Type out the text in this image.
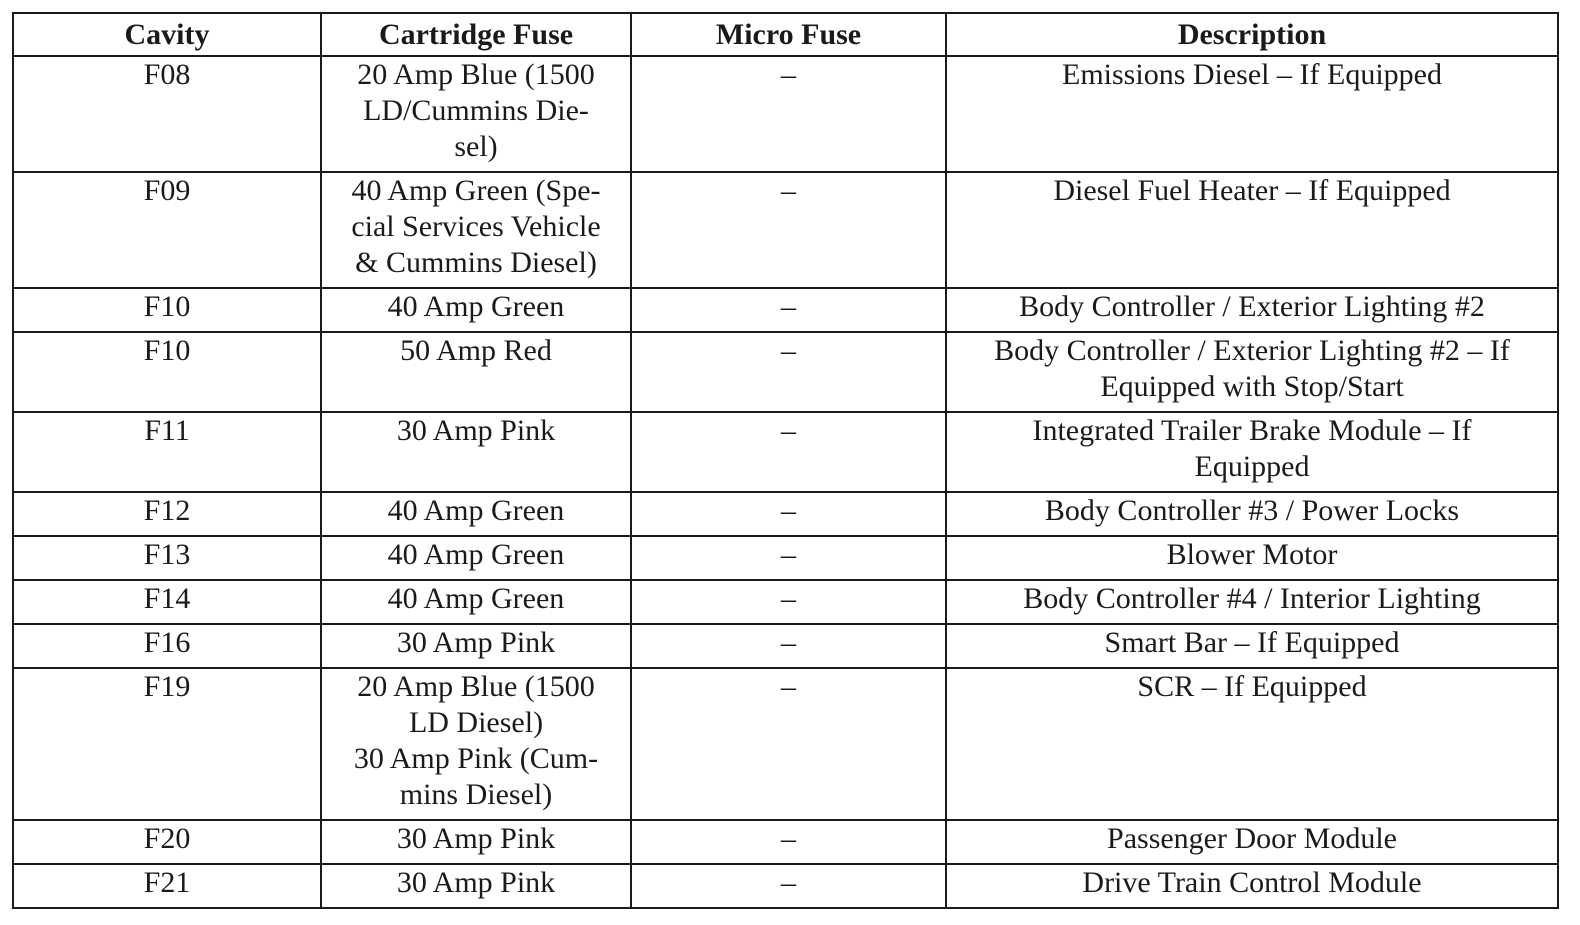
Cavity	Cartridge Fuse	Micro Fuse	Description
F08	20 Amp Blue (1500
LD/Cummins Die-
sel)	–	Emissions Diesel – If Equipped

F09	40 Amp Green (Spe-
cial Services Vehicle
& Cummins Diesel)	–	Diesel Fuel Heater – If Equipped

F10	40 Amp Green	–	Body Controller / Exterior Lighting #2

F10	50 Amp Red	–	Body Controller / Exterior Lighting #2 – If
Equipped with Stop/Start

F11	30 Amp Pink	–	Integrated Trailer Brake Module – If
Equipped

F12	40 Amp Green	–	Body Controller #3 / Power Locks

F13	40 Amp Green	–	Blower Motor

F14	40 Amp Green	–	Body Controller #4 / Interior Lighting

F16	30 Amp Pink	–	Smart Bar – If Equipped

F19	20 Amp Blue (1500
LD Diesel)
30 Amp Pink (Cum-
mins Diesel)	–	SCR – If Equipped

F20	30 Amp Pink	–	Passenger Door Module

F21	30 Amp Pink	–	Drive Train Control Module
